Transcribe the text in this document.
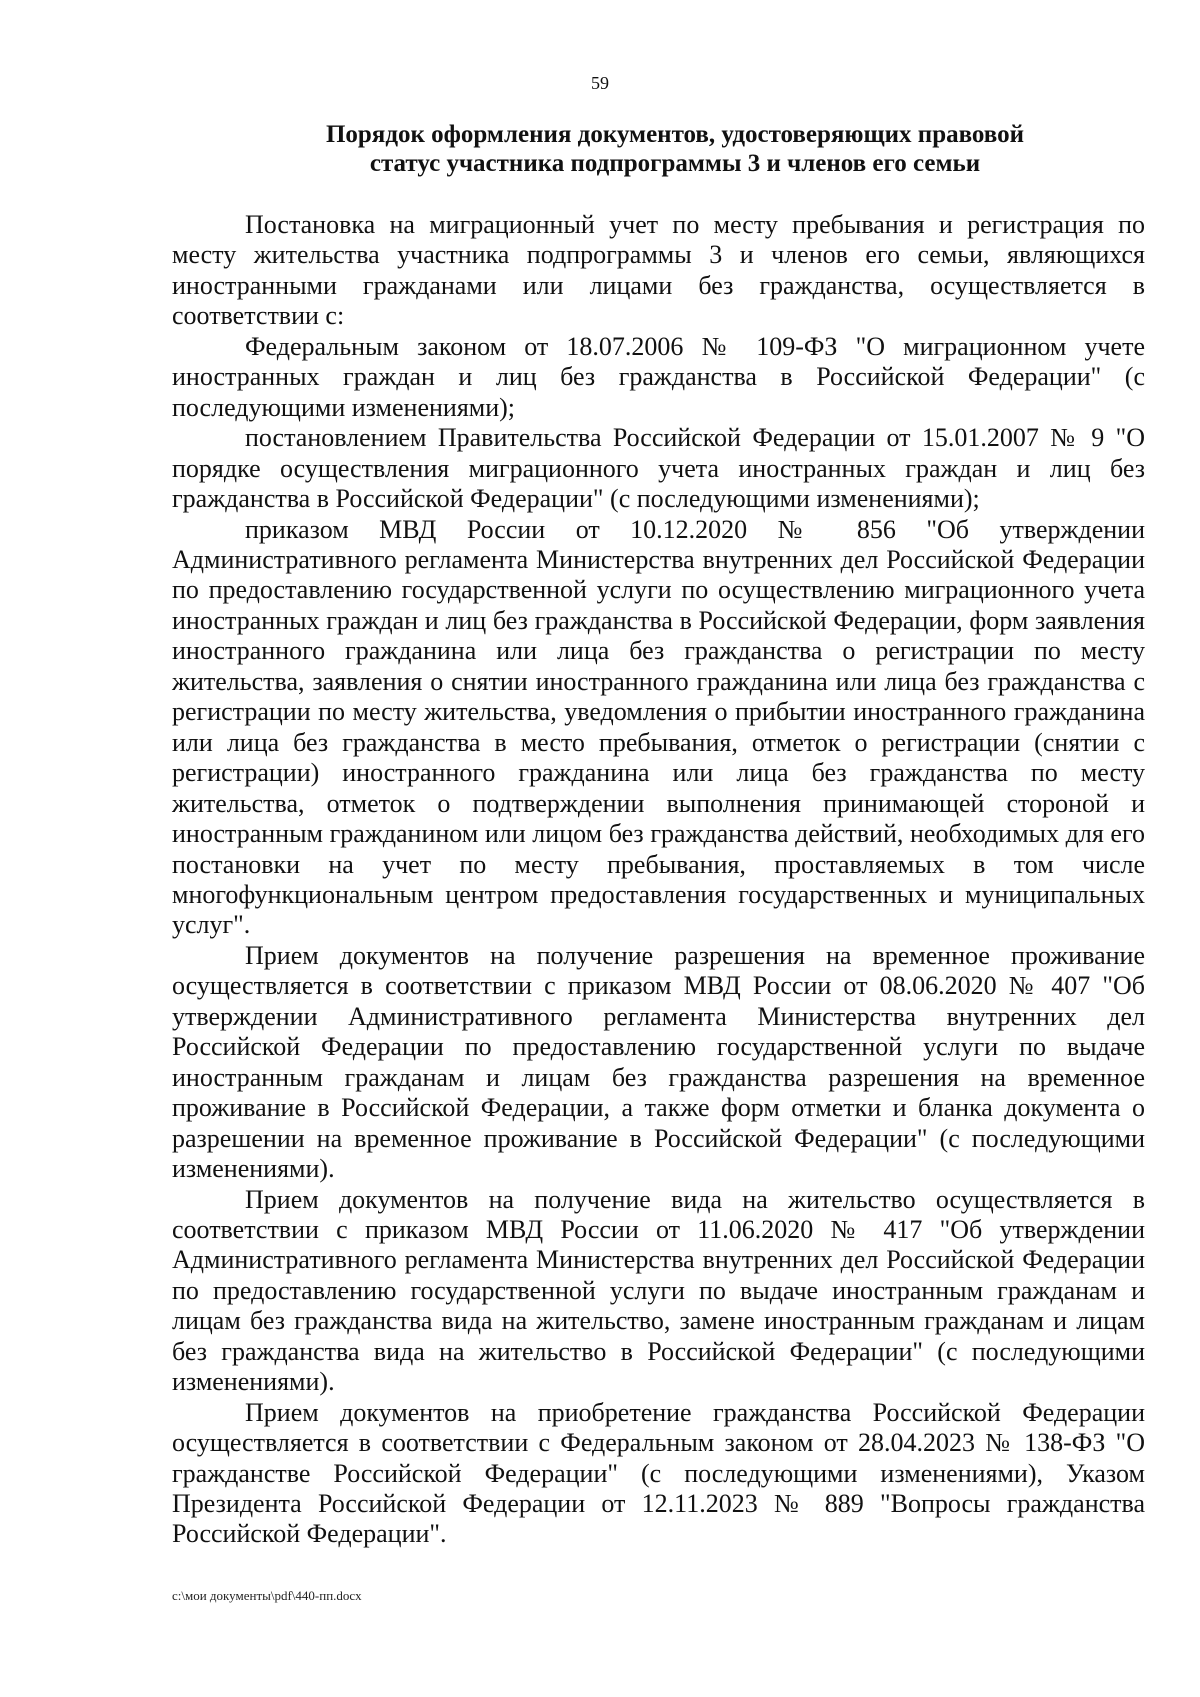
59
Порядок оформления документов, удостоверяющих правовой
статус участника подпрограммы 3 и членов его семьи

Постановка на миграционный учет по месту пребывания и регистрация по месту жительства участника подпрограммы 3 и членов его семьи, являющихся иностранными гражданами или лицами без гражданства, осуществляется в соответствии с:

Федеральным законом от 18.07.2006 № 109-ФЗ "О миграционном учете иностранных граждан и лиц без гражданства в Российской Федерации" (с последующими изменениями);

постановлением Правительства Российской Федерации от 15.01.2007 № 9 "О порядке осуществления миграционного учета иностранных граждан и лиц без гражданства в Российской Федерации" (с последующими изменениями);

приказом МВД России от 10.12.2020 № 856 "Об утверждении Административного регламента Министерства внутренних дел Российской Федерации по предоставлению государственной услуги по осуществлению миграционного учета иностранных граждан и лиц без гражданства в Российской Федерации, форм заявления иностранного гражданина или лица без гражданства о регистрации по месту жительства, заявления о снятии иностранного гражданина или лица без гражданства с регистрации по месту жительства, уведомления о прибытии иностранного гражданина или лица без гражданства в место пребывания, отметок о регистрации (снятии с регистрации) иностранного гражданина или лица без гражданства по месту жительства, отметок о подтверждении выполнения принимающей стороной и иностранным гражданином или лицом без гражданства действий, необходимых для его постановки на учет по месту пребывания, проставляемых в том числе многофункциональным центром предоставления государственных и муниципальных услуг".

Прием документов на получение разрешения на временное проживание осуществляется в соответствии с приказом МВД России от 08.06.2020 № 407 "Об утверждении Административного регламента Министерства внутренних дел Российской Федерации по предоставлению государственной услуги по выдаче иностранным гражданам и лицам без гражданства разрешения на временное проживание в Российской Федерации, а также форм отметки и бланка документа о разрешении на временное проживание в Российской Федерации" (с последующими изменениями).

Прием документов на получение вида на жительство осуществляется в соответствии с приказом МВД России от 11.06.2020 № 417 "Об утверждении Административного регламента Министерства внутренних дел Российской Федерации по предоставлению государственной услуги по выдаче иностранным гражданам и лицам без гражданства вида на жительство, замене иностранным гражданам и лицам без гражданства вида на жительство в Российской Федерации" (с последующими изменениями).

Прием документов на приобретение гражданства Российской Федерации осуществляется в соответствии с Федеральным законом от 28.04.2023 № 138-ФЗ "О гражданстве Российской Федерации" (с последующими изменениями), Указом Президента Российской Федерации от 12.11.2023 № 889 "Вопросы гражданства Российской Федерации".

c:\мои документы\pdf\440-пп.docx
